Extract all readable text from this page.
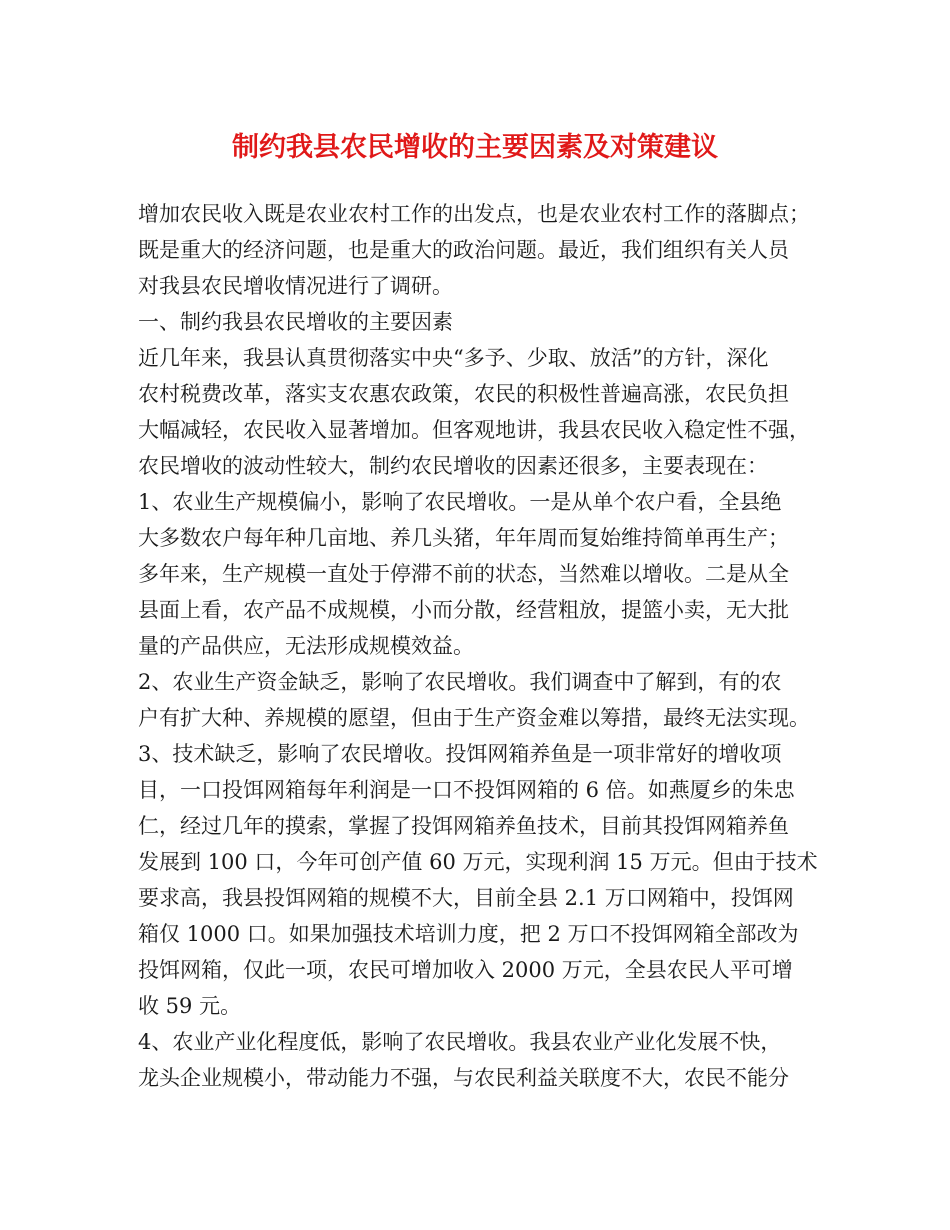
制约我县农民增收的主要因素及对策建议
增加农民收入既是农业农村工作的出发点，也是农业农村工作的落脚点；
既是重大的经济问题，也是重大的政治问题。最近，我们组织有关人员
对我县农民增收情况进行了调研。
一、制约我县农民增收的主要因素
近几年来，我县认真贯彻落实中央“多予、少取、放活”的方针，深化
农村税费改革，落实支农惠农政策，农民的积极性普遍高涨，农民负担
大幅减轻，农民收入显著增加。但客观地讲，我县农民收入稳定性不强，
农民增收的波动性较大，制约农民增收的因素还很多，主要表现在：
1、农业生产规模偏小，影响了农民增收。一是从单个农户看，全县绝
大多数农户每年种几亩地、养几头猪，年年周而复始维持简单再生产；
多年来，生产规模一直处于停滞不前的状态，当然难以增收。二是从全
县面上看，农产品不成规模，小而分散，经营粗放，提篮小卖，无大批
量的产品供应，无法形成规模效益。
2、农业生产资金缺乏，影响了农民增收。我们调查中了解到，有的农
户有扩大种、养规模的愿望，但由于生产资金难以筹措，最终无法实现。
3、技术缺乏，影响了农民增收。投饵网箱养鱼是一项非常好的增收项
目，一口投饵网箱每年利润是一口不投饵网箱的 6 倍。如燕厦乡的朱忠
仁，经过几年的摸索，掌握了投饵网箱养鱼技术，目前其投饵网箱养鱼
发展到 100 口，今年可创产值 60 万元，实现利润 15 万元。但由于技术
要求高，我县投饵网箱的规模不大，目前全县 2.1 万口网箱中，投饵网
箱仅 1000 口。如果加强技术培训力度，把 2 万口不投饵网箱全部改为
投饵网箱，仅此一项，农民可增加收入 2000 万元，全县农民人平可增
收 59 元。
4、农业产业化程度低，影响了农民增收。我县农业产业化发展不快，
龙头企业规模小，带动能力不强，与农民利益关联度不大，农民不能分
